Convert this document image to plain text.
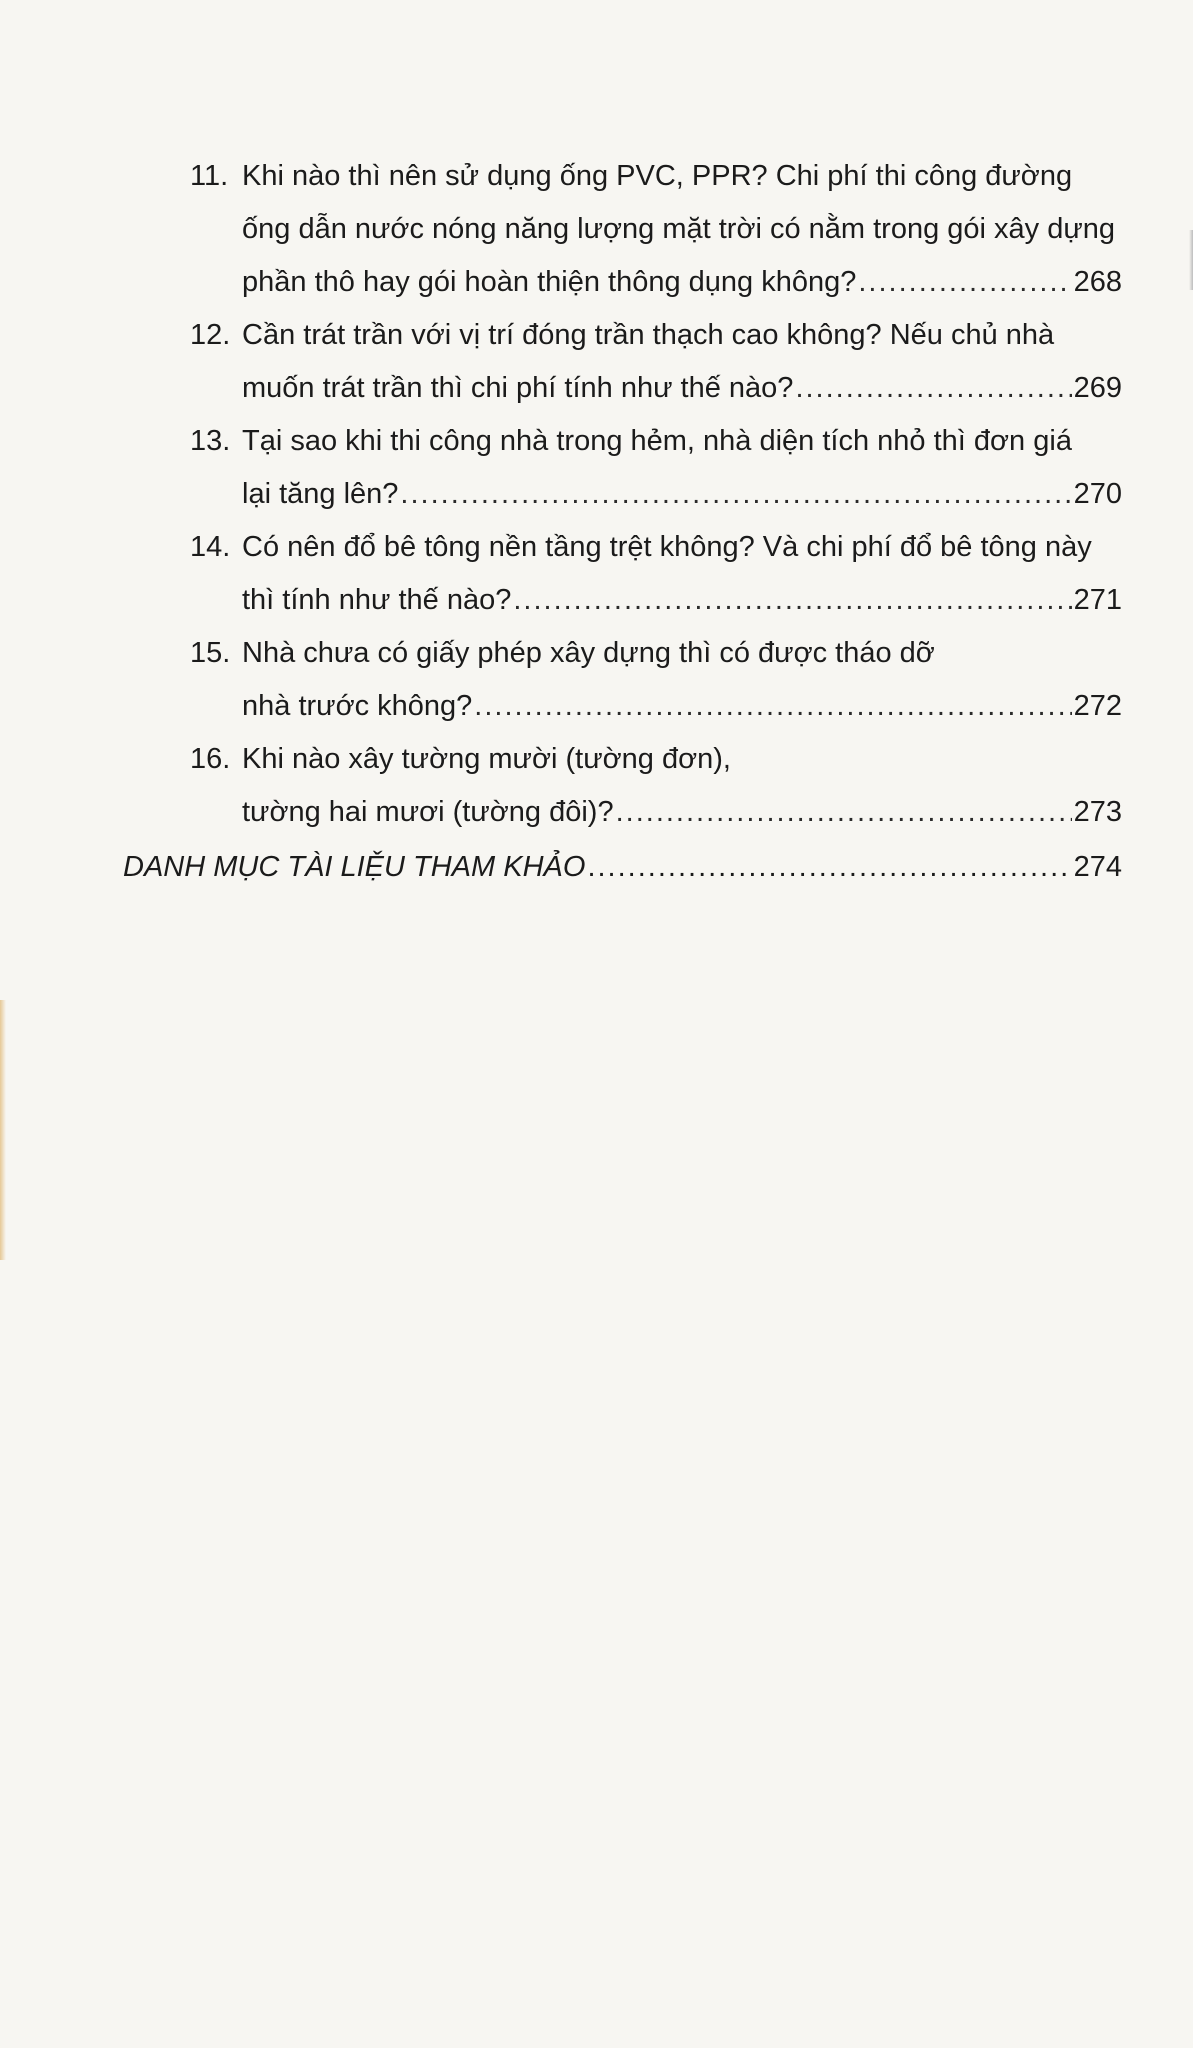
11. Khi nào thì nên sử dụng ống PVC, PPR? Chi phí thi công đường
ống dẫn nước nóng năng lượng mặt trời có nằm trong gói xây dựng
phần thô hay gói hoàn thiện thông dụng không? .....	268
12. Cần trát trần với vị trí đóng trần thạch cao không? Nếu chủ nhà
muốn trát trần thì chi phí tính như thế nào? .....	269
13. Tại sao khi thi công nhà trong hẻm, nhà diện tích nhỏ thì đơn giá
lại tăng lên? .....	270
14. Có nên đổ bê tông nền tầng trệt không? Và chi phí đổ bê tông này
thì tính như thế nào? .....	271
15. Nhà chưa có giấy phép xây dựng thì có được tháo dỡ
nhà trước không? .....	272
16. Khi nào xây tường mười (tường đơn),
tường hai mươi (tường đôi)? .....	273
DANH MỤC TÀI LIỆU THAM KHẢO .....	274
